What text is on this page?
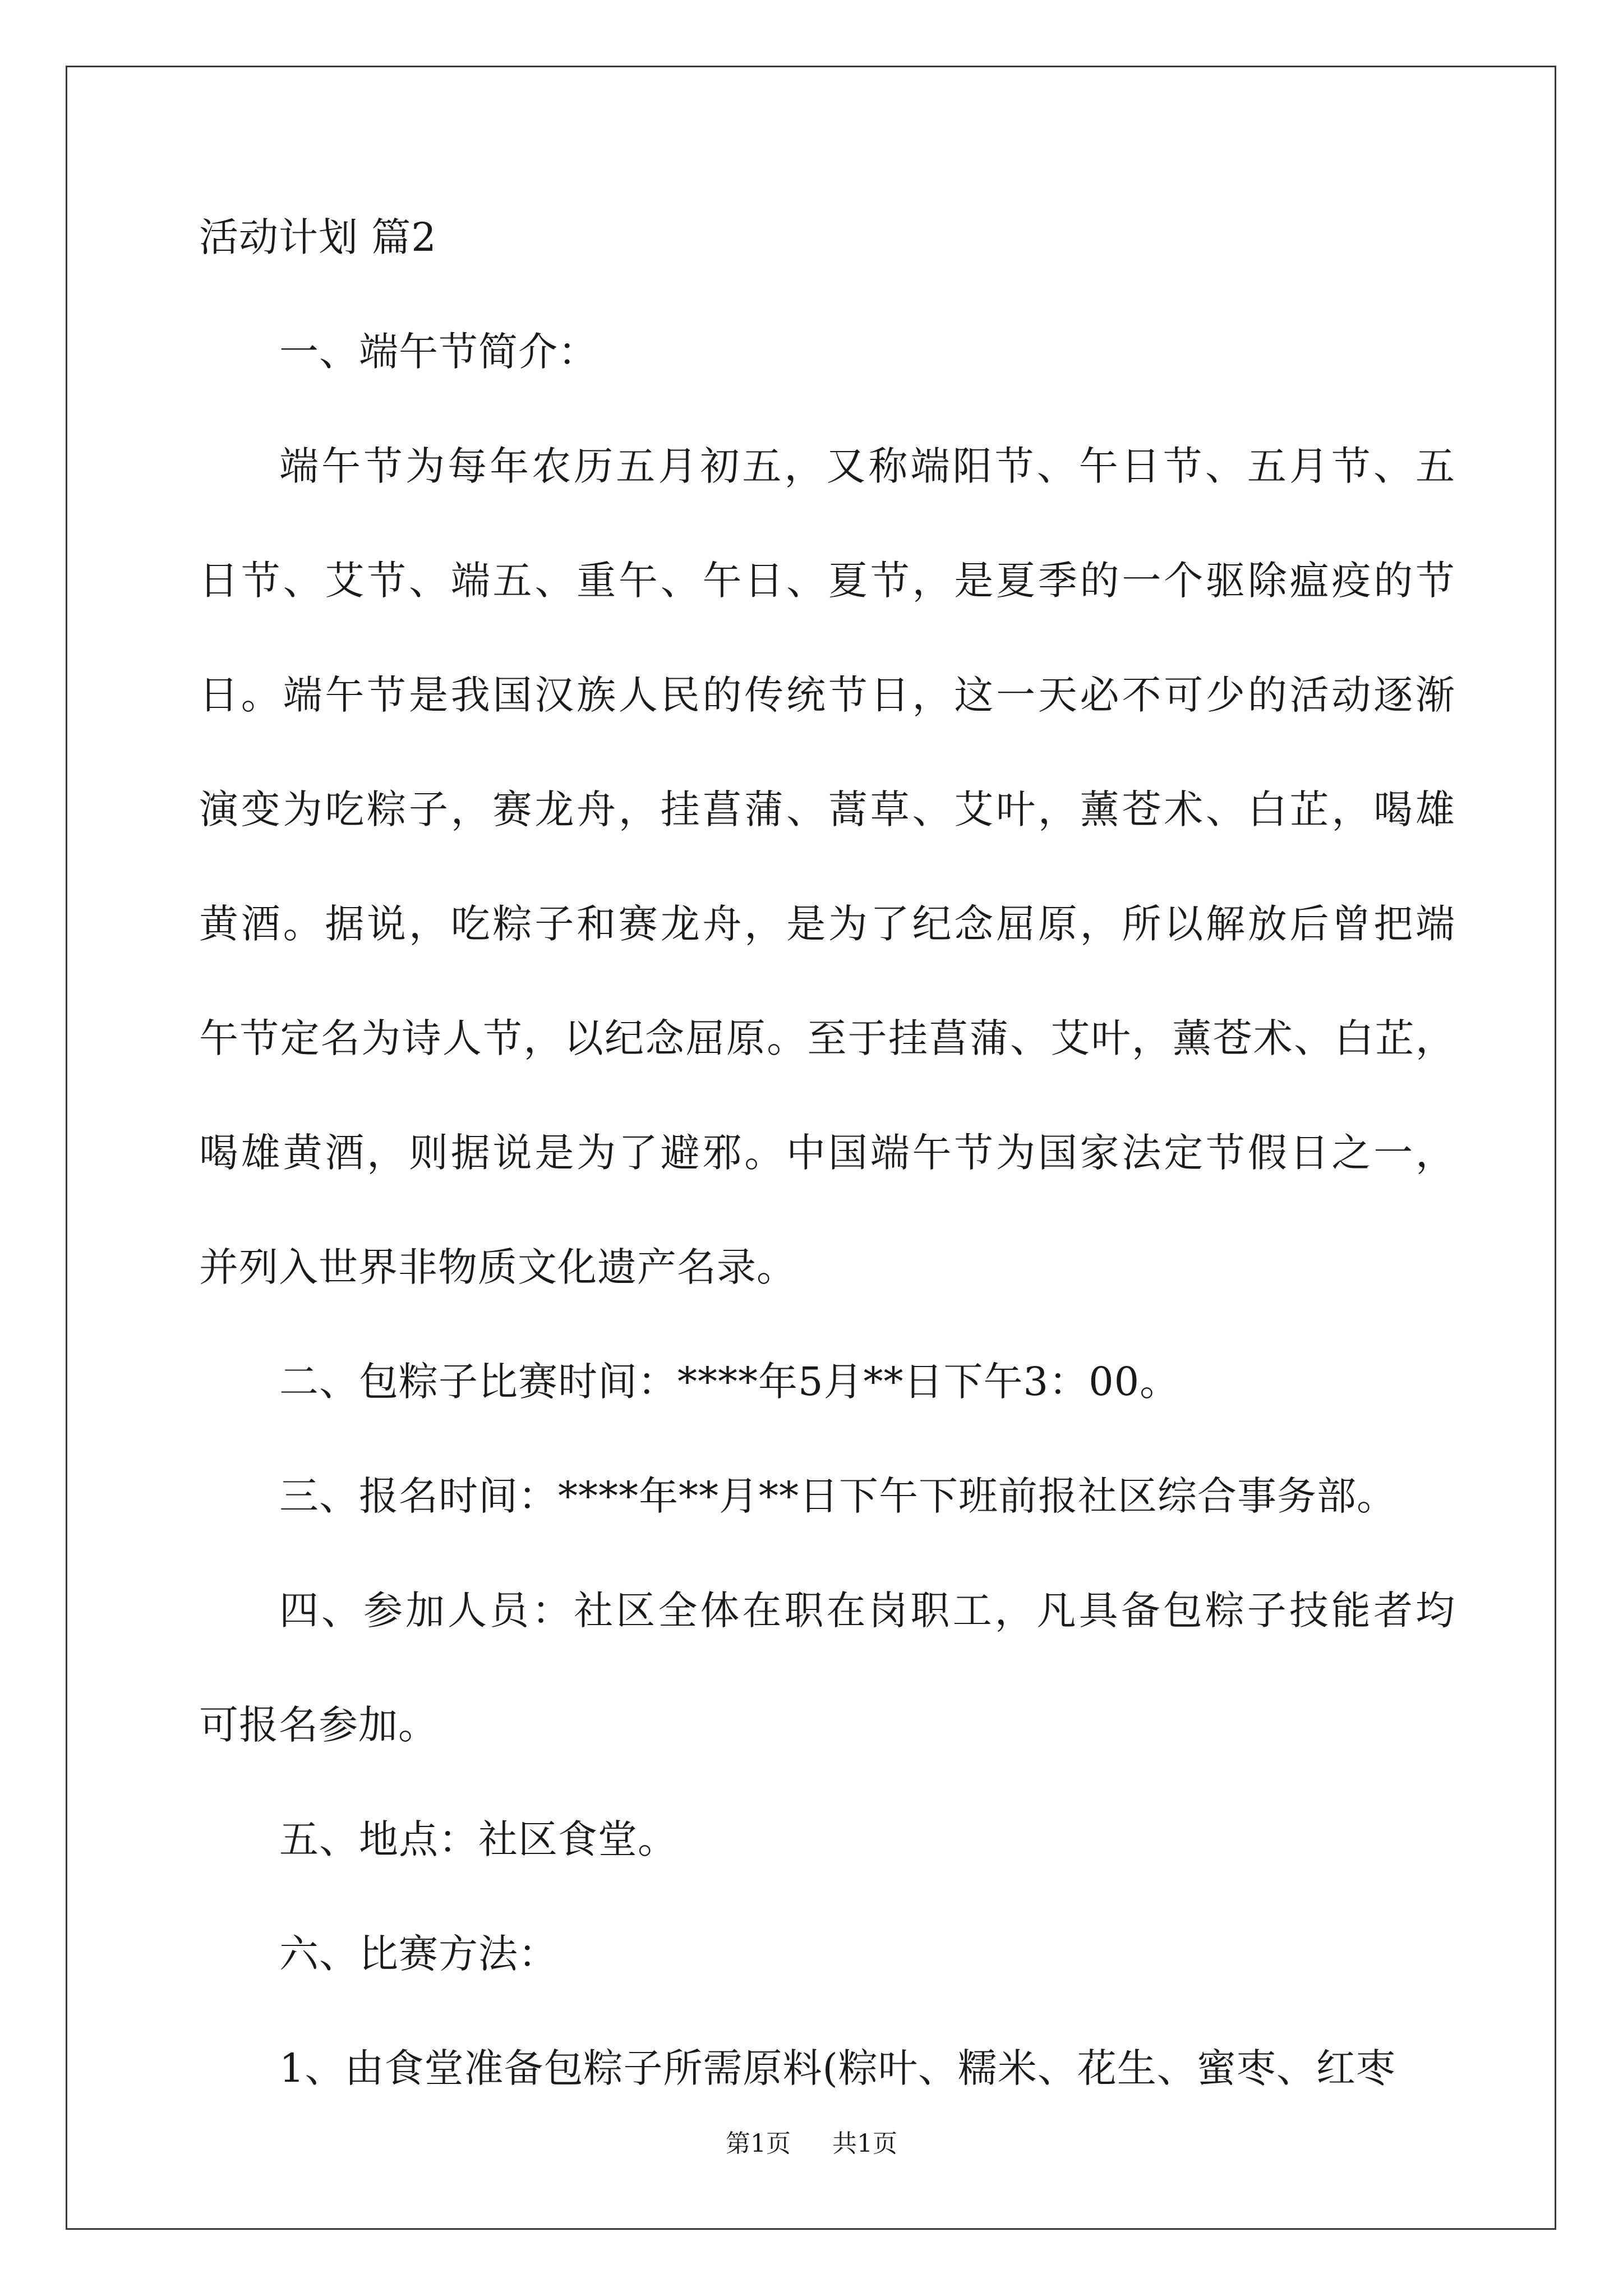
活动计划 篇2
一、端午节简介：
端午节为每年农历五月初五，又称端阳节、午日节、五月节、五
日节、艾节、端五、重午、午日、夏节，是夏季的一个驱除瘟疫的节
日。端午节是我国汉族人民的传统节日，这一天必不可少的活动逐渐
演变为吃粽子，赛龙舟，挂菖蒲、蒿草、艾叶，薰苍术、白芷，喝雄
黄酒。据说，吃粽子和赛龙舟，是为了纪念屈原，所以解放后曾把端
午节定名为诗人节，以纪念屈原。至于挂菖蒲、艾叶，薰苍术、白芷，
喝雄黄酒，则据说是为了避邪。中国端午节为国家法定节假日之一，
并列入世界非物质文化遗产名录。
二、包粽子比赛时间：****年5月**日下午3：00。
三、报名时间：****年**月**日下午下班前报社区综合事务部。
四、参加人员：社区全体在职在岗职工，凡具备包粽子技能者均
可报名参加。
五、地点：社区食堂。
六、比赛方法：
1、由食堂准备包粽子所需原料(粽叶、糯米、花生、蜜枣、红枣
第1页 共1页
